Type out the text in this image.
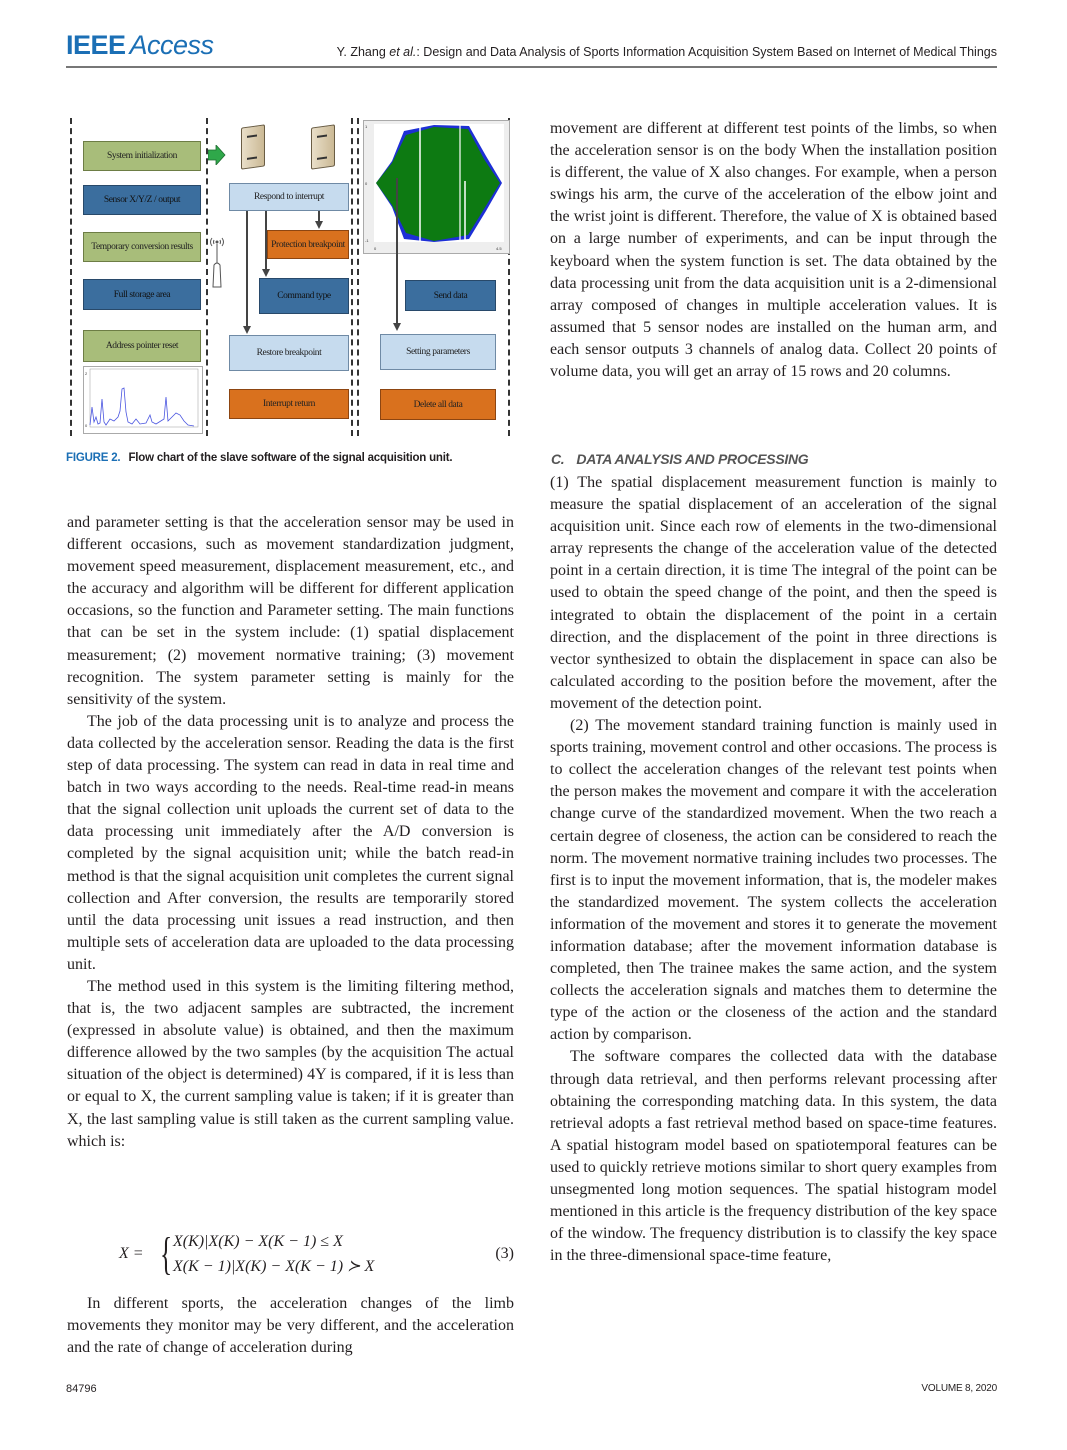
IEEE Access	Y. Zhang et al.: Design and Data Analysis of Sports Information Acquisition System Based on Internet of Medical Things
System initialization
Sensor X/Y/Z / output
Temporary conversion results
Full storage area
Address pointer reset
0
2
Respond to interrupt
Protection breakpoint
Command type
Restore breakpoint
Interrupt return
0
1
-1
0	4.5
Send data
Setting parameters
Delete all data
FIGURE 2. Flow chart of the slave software of the signal acquisition unit.

and parameter setting is that the acceleration sensor may be used in different occasions, such as movement standardization judgment, movement speed measurement, displacement measurement, etc., and the accuracy and algorithm will be different for different application occasions, so the function and Parameter setting. The main functions that can be set in the system include: (1) spatial displacement measurement; (2) movement normative training; (3) movement recognition. The system parameter setting is mainly for the sensitivity of the system.

The job of the data processing unit is to analyze and process the data collected by the acceleration sensor. Reading the data is the first step of data processing. The system can read in data in real time and batch in two ways according to the needs. Real-time read-in means that the signal collection unit uploads the current set of data to the data processing unit immediately after the A/D conversion is completed by the signal acquisition unit; while the batch read-in method is that the signal acquisition unit completes the current signal collection and After conversion, the results are temporarily stored until the data processing unit issues a read instruction, and then multiple sets of acceleration data are uploaded to the data processing unit.

The method used in this system is the limiting filtering method, that is, the two adjacent samples are subtracted, the increment (expressed in absolute value) is obtained, and then the maximum difference allowed by the two samples (by the acquisition The actual situation of the object is determined) 4Y is compared, if it is less than or equal to X, the current sampling value is taken; if it is greater than X, the last sampling value is still taken as the current sampling value. which is:

X = { X(K)|X(K) − X(K − 1) ≤ X
X(K − 1)|X(K) − X(K − 1) ≻ X
(3)

In different sports, the acceleration changes of the limb movements they monitor may be very different, and the acceleration and the rate of change of acceleration during

movement are different at different test points of the limbs, so when the acceleration sensor is on the body When the installation position is different, the value of X also changes. For example, when a person swings his arm, the curve of the acceleration of the elbow joint and the wrist joint is different. Therefore, the value of X is obtained based on a large number of experiments, and can be input through the keyboard when the system function is set. The data obtained by the data processing unit from the data acquisition unit is a 2-dimensional array composed of changes in multiple acceleration values. It is assumed that 5 sensor nodes are installed on the human arm, and each sensor outputs 3 channels of analog data. Collect 20 points of volume data, you will get an array of 15 rows and 20 columns.

C. DATA ANALYSIS AND PROCESSING

(1) The spatial displacement measurement function is mainly to measure the spatial displacement of an acceleration of the signal acquisition unit. Since each row of elements in the two-dimensional array represents the change of the acceleration value of the detected point in a certain direction, it is time The integral of the point can be used to obtain the speed change of the point, and then the speed is integrated to obtain the displacement of the point in a certain direction, and the displacement of the point in three directions is vector synthesized to obtain the displacement in space can also be calculated according to the position before the movement, after the movement of the detection point.

(2) The movement standard training function is mainly used in sports training, movement control and other occasions. The process is to collect the acceleration changes of the relevant test points when the person makes the movement and compare it with the acceleration change curve of the standardized movement. When the two reach a certain degree of closeness, the action can be considered to reach the norm. The movement normative training includes two processes. The first is to input the movement information, that is, the modeler makes the standardized movement. The system collects the acceleration information of the movement and stores it to generate the movement information database; after the movement information database is completed, then The trainee makes the same action, and the system collects the acceleration signals and matches them to determine the type of the action or the closeness of the action and the standard action by comparison.

The software compares the collected data with the database through data retrieval, and then performs relevant processing after obtaining the corresponding matching data. In this system, the data retrieval adopts a fast retrieval method based on space-time features. A spatial histogram model based on spatiotemporal features can be used to quickly retrieve motions similar to short query examples from unsegmented long motion sequences. The spatial histogram model mentioned in this article is the frequency distribution of the key space of the window. The frequency distribution is to classify the key space in the three-dimensional space-time feature,

84796	VOLUME 8, 2020
